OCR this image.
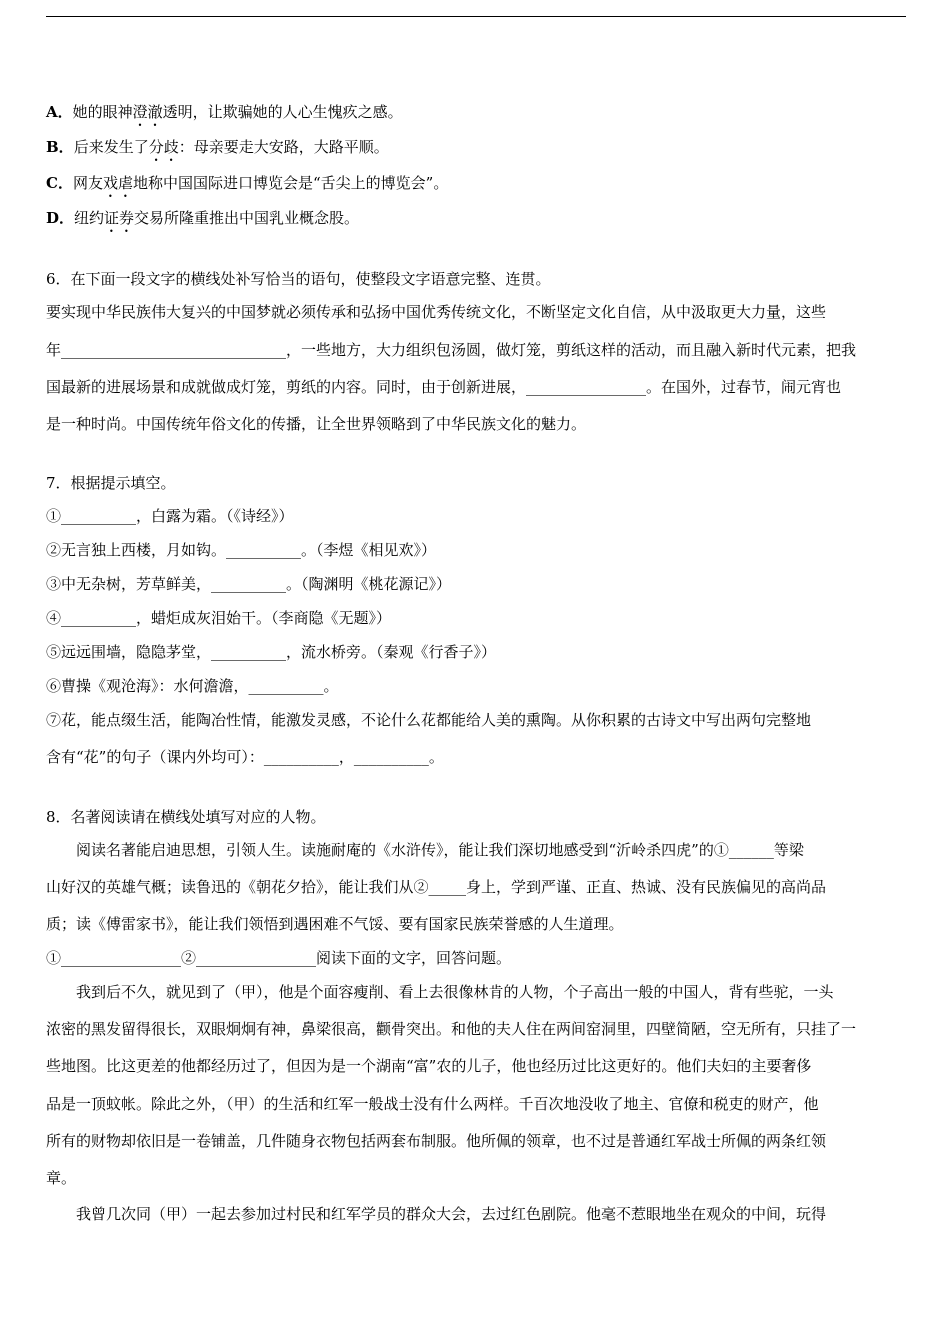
A．她的眼神澄澈透明，让欺骗她的人心生愧疚之感。
B．后来发生了分歧：母亲要走大安路，大路平顺。
C．网友戏虐地称中国国际进口博览会是“舌尖上的博览会”。
D．纽约证券交易所隆重推出中国乳业概念股。
6．在下面一段文字的横线处补写恰当的语句，使整段文字语意完整、连贯。
要实现中华民族伟大复兴的中国梦就必须传承和弘扬中国优秀传统文化，不断坚定文化自信，从中汲取更大力量，这些
年______________________________，一些地方，大力组织包汤圆，做灯笼，剪纸这样的活动，而且融入新时代元素，把我
国最新的进展场景和成就做成灯笼，剪纸的内容。同时，由于创新进展，________________。在国外，过春节，闹元宵也
是一种时尚。中国传统年俗文化的传播，让全世界领略到了中华民族文化的魅力。
7．根据提示填空。
①__________，白露为霜。（《诗经》）
②无言独上西楼，月如钩。__________。（李煜《相见欢》）
③中无杂树，芳草鲜美，__________。（陶渊明《桃花源记》）
④__________，蜡炬成灰泪始干。（李商隐《无题》）
⑤远远围墙，隐隐茅堂，__________，流水桥旁。（秦观《行香子》）
⑥曹操《观沧海》：水何澹澹，__________。
⑦花，能点缀生活，能陶冶性情，能激发灵感，不论什么花都能给人美的熏陶。从你积累的古诗文中写出两句完整地
含有“花”的句子（课内外均可）：__________，__________。
8．名著阅读请在横线处填写对应的人物。
阅读名著能启迪思想，引领人生。读施耐庵的《水浒传》，能让我们深切地感受到“沂岭杀四虎”的①______等梁
山好汉的英雄气概；读鲁迅的《朝花夕拾》，能让我们从②_____身上，学到严谨、正直、热诚、没有民族偏见的高尚品
质；读《傅雷家书》，能让我们领悟到遇困难不气馁、要有国家民族荣誉感的人生道理。
①________________②________________阅读下面的文字，回答问题。
我到后不久，就见到了（甲），他是个面容瘦削、看上去很像林肯的人物，个子高出一般的中国人，背有些驼，一头
浓密的黑发留得很长，双眼炯炯有神，鼻梁很高，颧骨突出。和他的夫人住在两间窑洞里，四壁简陋，空无所有，只挂了一
些地图。比这更差的他都经历过了，但因为是一个湖南“富”农的儿子，他也经历过比这更好的。他们夫妇的主要奢侈
品是一顶蚊帐。除此之外，（甲）的生活和红军一般战士没有什么两样。千百次地没收了地主、官僚和税吏的财产，他
所有的财物却依旧是一卷铺盖，几件随身衣物包括两套布制服。他所佩的领章，也不过是普通红军战士所佩的两条红领
章。
我曾几次同（甲）一起去参加过村民和红军学员的群众大会，去过红色剧院。他毫不惹眼地坐在观众的中间，玩得
